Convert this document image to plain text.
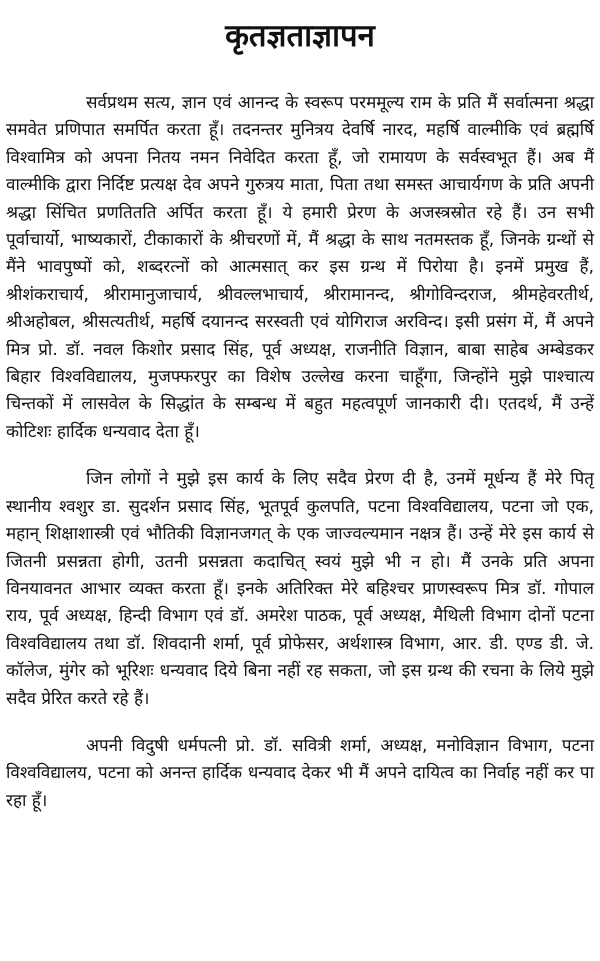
कृतज्ञताज्ञापन

सर्वप्रथम सत्य, ज्ञान एवं आनन्द के स्वरूप परममूल्य राम के प्रति मैं सर्वात्मना श्रद्धा समवेत प्रणिपात समर्पित करता हूँ। तदनन्तर मुनित्रय देवर्षि नारद, महर्षि वाल्मीकि एवं ब्रह्मर्षि विश्वामित्र को अपना नितय नमन निवेदित करता हूँ, जो रामायण के सर्वस्वभूत हैं। अब मैं वाल्मीकि द्वारा निर्दिष्ट प्रत्यक्ष देव अपने गुरुत्रय माता, पिता तथा समस्त आचार्यगण के प्रति अपनी श्रद्धा सिंचित प्रणतितति अर्पित करता हूँ। ये हमारी प्रेरण के अजस्त्रस्रोत रहे हैं। उन सभी पूर्वाचार्यो, भाष्यकारों, टीकाकारों के श्रीचरणों में, मैं श्रद्धा के साथ नतमस्तक हूँ, जिनके ग्रन्थों से मैंने भावपुष्पों को, शब्दरत्नों को आत्मसात् कर इस ग्रन्थ में पिरोया है। इनमें प्रमुख हैं, श्रीशंकराचार्य, श्रीरामानुजाचार्य, श्रीवल्लभाचार्य, श्रीरामानन्द, श्रीगोविन्दराज, श्रीमहेवरतीर्थ, श्रीअहोबल, श्रीसत्यतीर्थ, महर्षि दयानन्द सरस्वती एवं योगिराज अरविन्द। इसी प्रसंग में, मैं अपने मित्र प्रो. डॉ. नवल किशोर प्रसाद सिंह, पूर्व अध्यक्ष, राजनीति विज्ञान, बाबा साहेब अम्बेडकर बिहार विश्वविद्यालय, मुजफ्फरपुर का विशेष उल्लेख करना चाहूँगा, जिन्होंने मुझे पाश्चात्य चिन्तकों में लासवेल के सिद्धांत के सम्बन्ध में बहुत महत्वपूर्ण जानकारी दी। एतदर्थ, मैं उन्हें कोटिशः हार्दिक धन्यवाद देता हूँ।

जिन लोगों ने मुझे इस कार्य के लिए सदैव प्रेरण दी है, उनमें मूर्धन्य हैं मेरे पितृ स्थानीय श्वशुर डा. सुदर्शन प्रसाद सिंह, भूतपूर्व कुलपति, पटना विश्वविद्यालय, पटना जो एक, महान् शिक्षाशास्त्री एवं भौतिकी विज्ञानजगत् के एक जाज्वल्यमान नक्षत्र हैं। उन्हें मेरे इस कार्य से जितनी प्रसन्नता होगी, उतनी प्रसन्नता कदाचित् स्वयं मुझे भी न हो। मैं उनके प्रति अपना विनयावनत आभार व्यक्त करता हूँ। इनके अतिरिक्त मेरे बहिश्चर प्राणस्वरूप मित्र डॉ. गोपाल राय, पूर्व अध्यक्ष, हिन्दी विभाग एवं डॉ. अमरेश पाठक, पूर्व अध्यक्ष, मैथिली विभाग दोनों पटना विश्वविद्यालय तथा डॉ. शिवदानी शर्मा, पूर्व प्रोफेसर, अर्थशास्त्र विभाग, आर. डी. एण्ड डी. जे. कॉलेज, मुंगेर को भूरिशः धन्यवाद दिये बिना नहीं रह सकता, जो इस ग्रन्थ की रचना के लिये मुझे सदैव प्रेरित करते रहे हैं।

अपनी विदुषी धर्मपत्नी प्रो. डॉ. सवित्री शर्मा, अध्यक्ष, मनोविज्ञान विभाग, पटना विश्वविद्यालय, पटना को अनन्त हार्दिक धन्यवाद देकर भी मैं अपने दायित्व का निर्वाह नहीं कर पा रहा हूँ।
